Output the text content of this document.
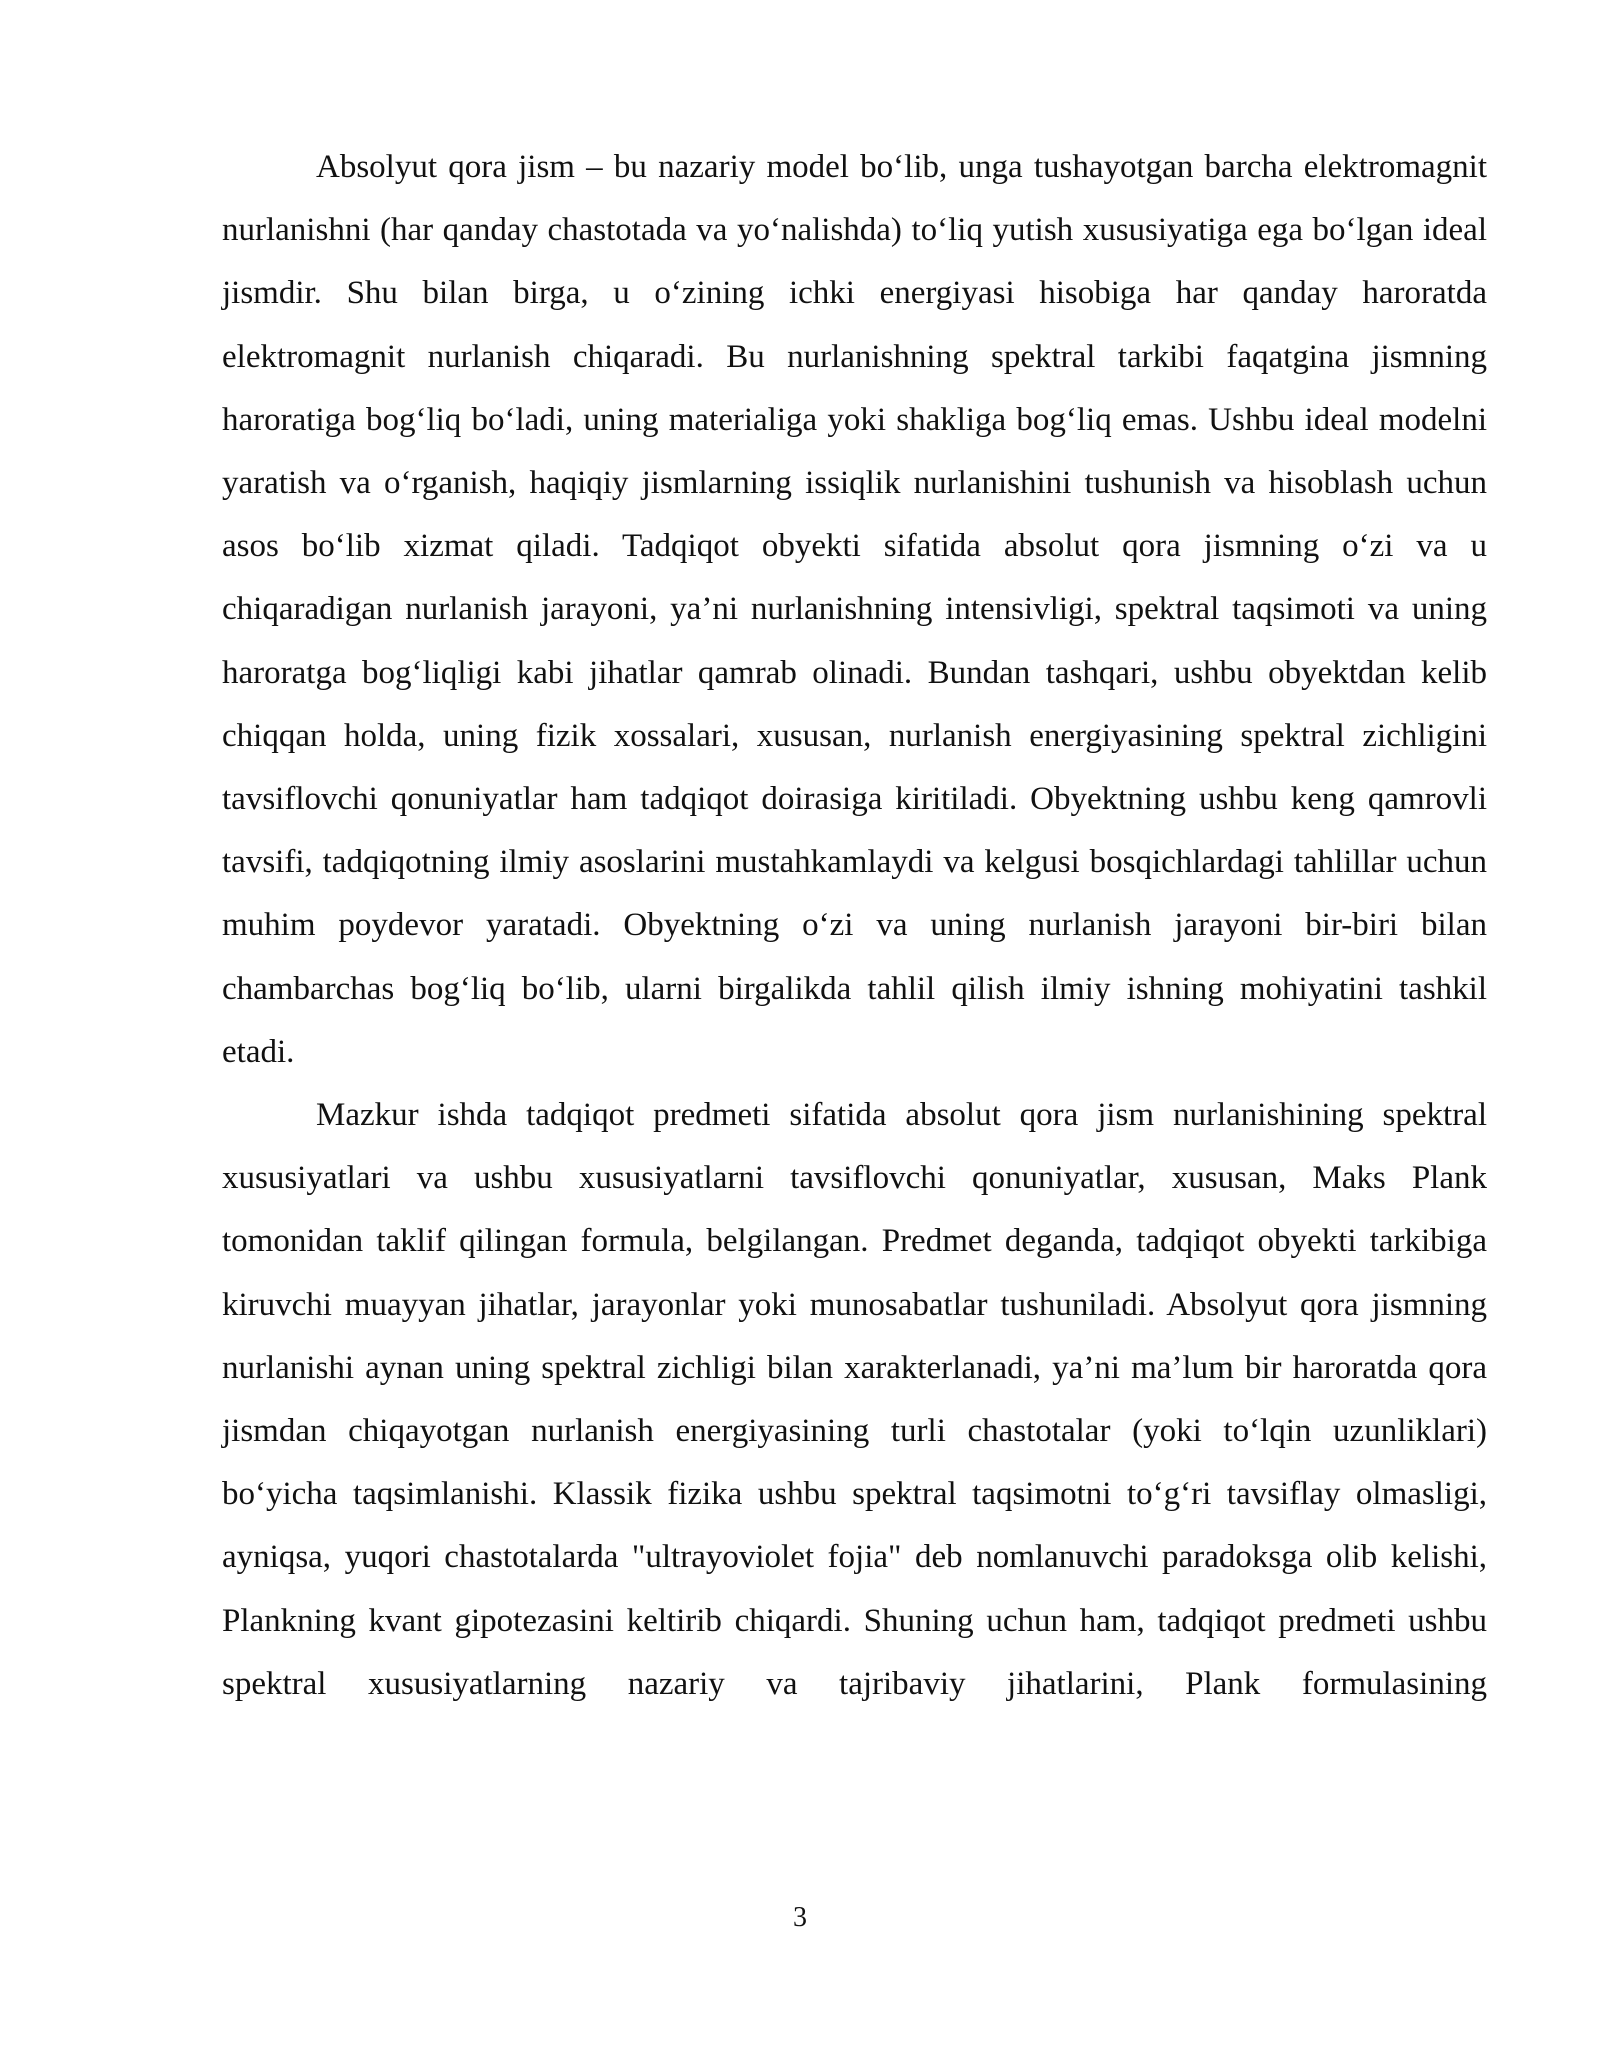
Absolyut qora jism – bu nazariy model bo‘lib, unga tushayotgan barcha elektromagnit nurlanishni (har qanday chastotada va yo‘nalishda) to‘liq yutish xususiyatiga ega bo‘lgan ideal jismdir. Shu bilan birga, u o‘zining ichki energiyasi hisobiga har qanday haroratda elektromagnit nurlanish chiqaradi. Bu nurlanishning spektral tarkibi faqatgina jismning haroratiga bog‘liq bo‘ladi, uning materialiga yoki shakliga bog‘liq emas. Ushbu ideal modelni yaratish va o‘rganish, haqiqiy jismlarning issiqlik nurlanishini tushunish va hisoblash uchun asos bo‘lib xizmat qiladi. Tadqiqot obyekti sifatida absolut qora jismning o‘zi va u chiqaradigan nurlanish jarayoni, ya’ni nurlanishning intensivligi, spektral taqsimoti va uning haroratga bog‘liqligi kabi jihatlar qamrab olinadi. Bundan tashqari, ushbu obyektdan kelib chiqqan holda, uning fizik xossalari, xususan, nurlanish energiyasining spektral zichligini tavsiflovchi qonuniyatlar ham tadqiqot doirasiga kiritiladi. Obyektning ushbu keng qamrovli tavsifi, tadqiqotning ilmiy asoslarini mustahkamlaydi va kelgusi bosqichlardagi tahlillar uchun muhim poydevor yaratadi. Obyektning o‘zi va uning nurlanish jarayoni bir-biri bilan chambarchas bog‘liq bo‘lib, ularni birgalikda tahlil qilish ilmiy ishning mohiyatini tashkil etadi.

Mazkur ishda tadqiqot predmeti sifatida absolut qora jism nurlanishining spektral xususiyatlari va ushbu xususiyatlarni tavsiflovchi qonuniyatlar, xususan, Maks Plank tomonidan taklif qilingan formula, belgilangan. Predmet deganda, tadqiqot obyekti tarkibiga kiruvchi muayyan jihatlar, jarayonlar yoki munosabatlar tushuniladi. Absolyut qora jismning nurlanishi aynan uning spektral zichligi bilan xarakterlanadi, ya’ni ma’lum bir haroratda qora jismdan chiqayotgan nurlanish energiyasining turli chastotalar (yoki to‘lqin uzunliklari) bo‘yicha taqsimlanishi. Klassik fizika ushbu spektral taqsimotni to‘g‘ri tavsiflay olmasligi, ayniqsa, yuqori chastotalarda "ultrayoviolet fojia" deb nomlanuvchi paradoksga olib kelishi, Plankning kvant gipotezasini keltirib chiqardi. Shuning uchun ham, tadqiqot predmeti ushbu spektral xususiyatlarning nazariy va tajribaviy jihatlarini, Plank formulasining

3
